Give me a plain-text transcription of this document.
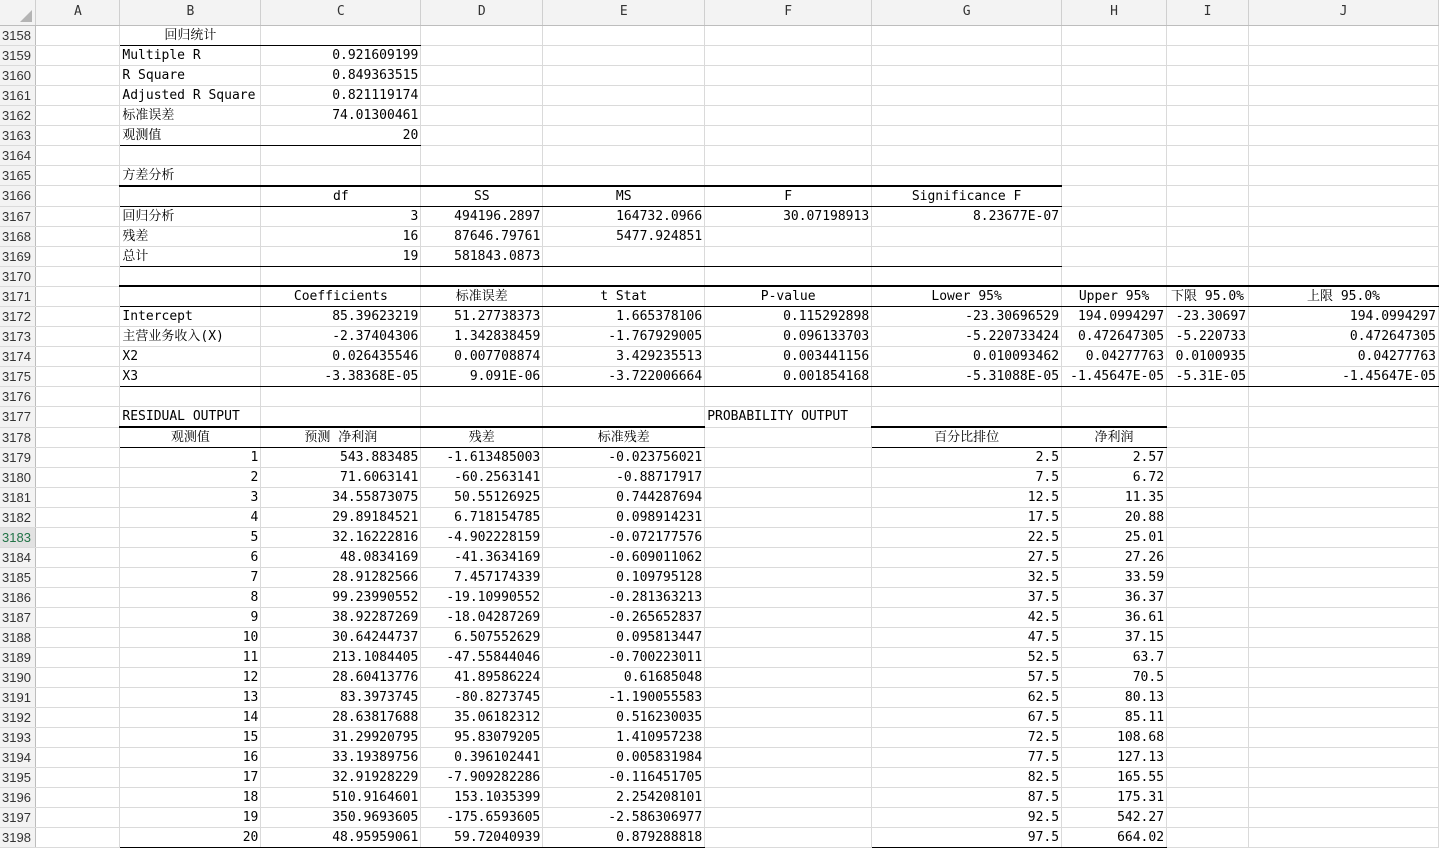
	A	B	C	D	E	F	G	H	I	J
3158		回归统计								
3159		Multiple R	0.921609199							
3160		R Square	0.849363515							
3161		Adjusted R Square	0.821119174							
3162		标准误差	74.01300461							
3163		观测值	20							
3164										
3165		方差分析								
3166			df	SS	MS	F	Significance F			
3167		回归分析	3	494196.2897	164732.0966	30.07198913	8.23677E-07			
3168		残差	16	87646.79761	5477.924851					
3169		总计	19	581843.0873						
3170										
3171			Coefficients	标准误差	t Stat	P-value	Lower 95%	Upper 95%	下限 95.0%	上限 95.0%
3172		Intercept	85.39623219	51.27738373	1.665378106	0.115292898	-23.30696529	194.0994297	-23.30697	194.0994297
3173		主营业务收入(X)	-2.37404306	1.342838459	-1.767929005	0.096133703	-5.220733424	0.472647305	-5.220733	0.472647305
3174		X2	0.026435546	0.007708874	3.429235513	0.003441156	0.010093462	0.04277763	0.0100935	0.04277763
3175		X3	-3.38368E-05	9.091E-06	-3.722006664	0.001854168	-5.31088E-05	-1.45647E-05	-5.31E-05	-1.45647E-05
3176										
3177		RESIDUAL OUTPUT				PROBABILITY OUTPUT				
3178		观测值	预测 净利润	残差	标准残差		百分比排位	净利润		
3179		1	543.883485	-1.613485003	-0.023756021		2.5	2.57		
3180		2	71.6063141	-60.2563141	-0.88717917		7.5	6.72		
3181		3	34.55873075	50.55126925	0.744287694		12.5	11.35		
3182		4	29.89184521	6.718154785	0.098914231		17.5	20.88		
3183		5	32.16222816	-4.902228159	-0.072177576		22.5	25.01		
3184		6	48.0834169	-41.3634169	-0.609011062		27.5	27.26		
3185		7	28.91282566	7.457174339	0.109795128		32.5	33.59		
3186		8	99.23990552	-19.10990552	-0.281363213		37.5	36.37		
3187		9	38.92287269	-18.04287269	-0.265652837		42.5	36.61		
3188		10	30.64244737	6.507552629	0.095813447		47.5	37.15		
3189		11	213.1084405	-47.55844046	-0.700223011		52.5	63.7		
3190		12	28.60413776	41.89586224	0.61685048		57.5	70.5		
3191		13	83.3973745	-80.8273745	-1.190055583		62.5	80.13		
3192		14	28.63817688	35.06182312	0.516230035		67.5	85.11		
3193		15	31.29920795	95.83079205	1.410957238		72.5	108.68		
3194		16	33.19389756	0.396102441	0.005831984		77.5	127.13		
3195		17	32.91928229	-7.909282286	-0.116451705		82.5	165.55		
3196		18	510.9164601	153.1035399	2.254208101		87.5	175.31		
3197		19	350.9693605	-175.6593605	-2.586306977		92.5	542.27		
3198		20	48.95959061	59.72040939	0.879288818		97.5	664.02		
